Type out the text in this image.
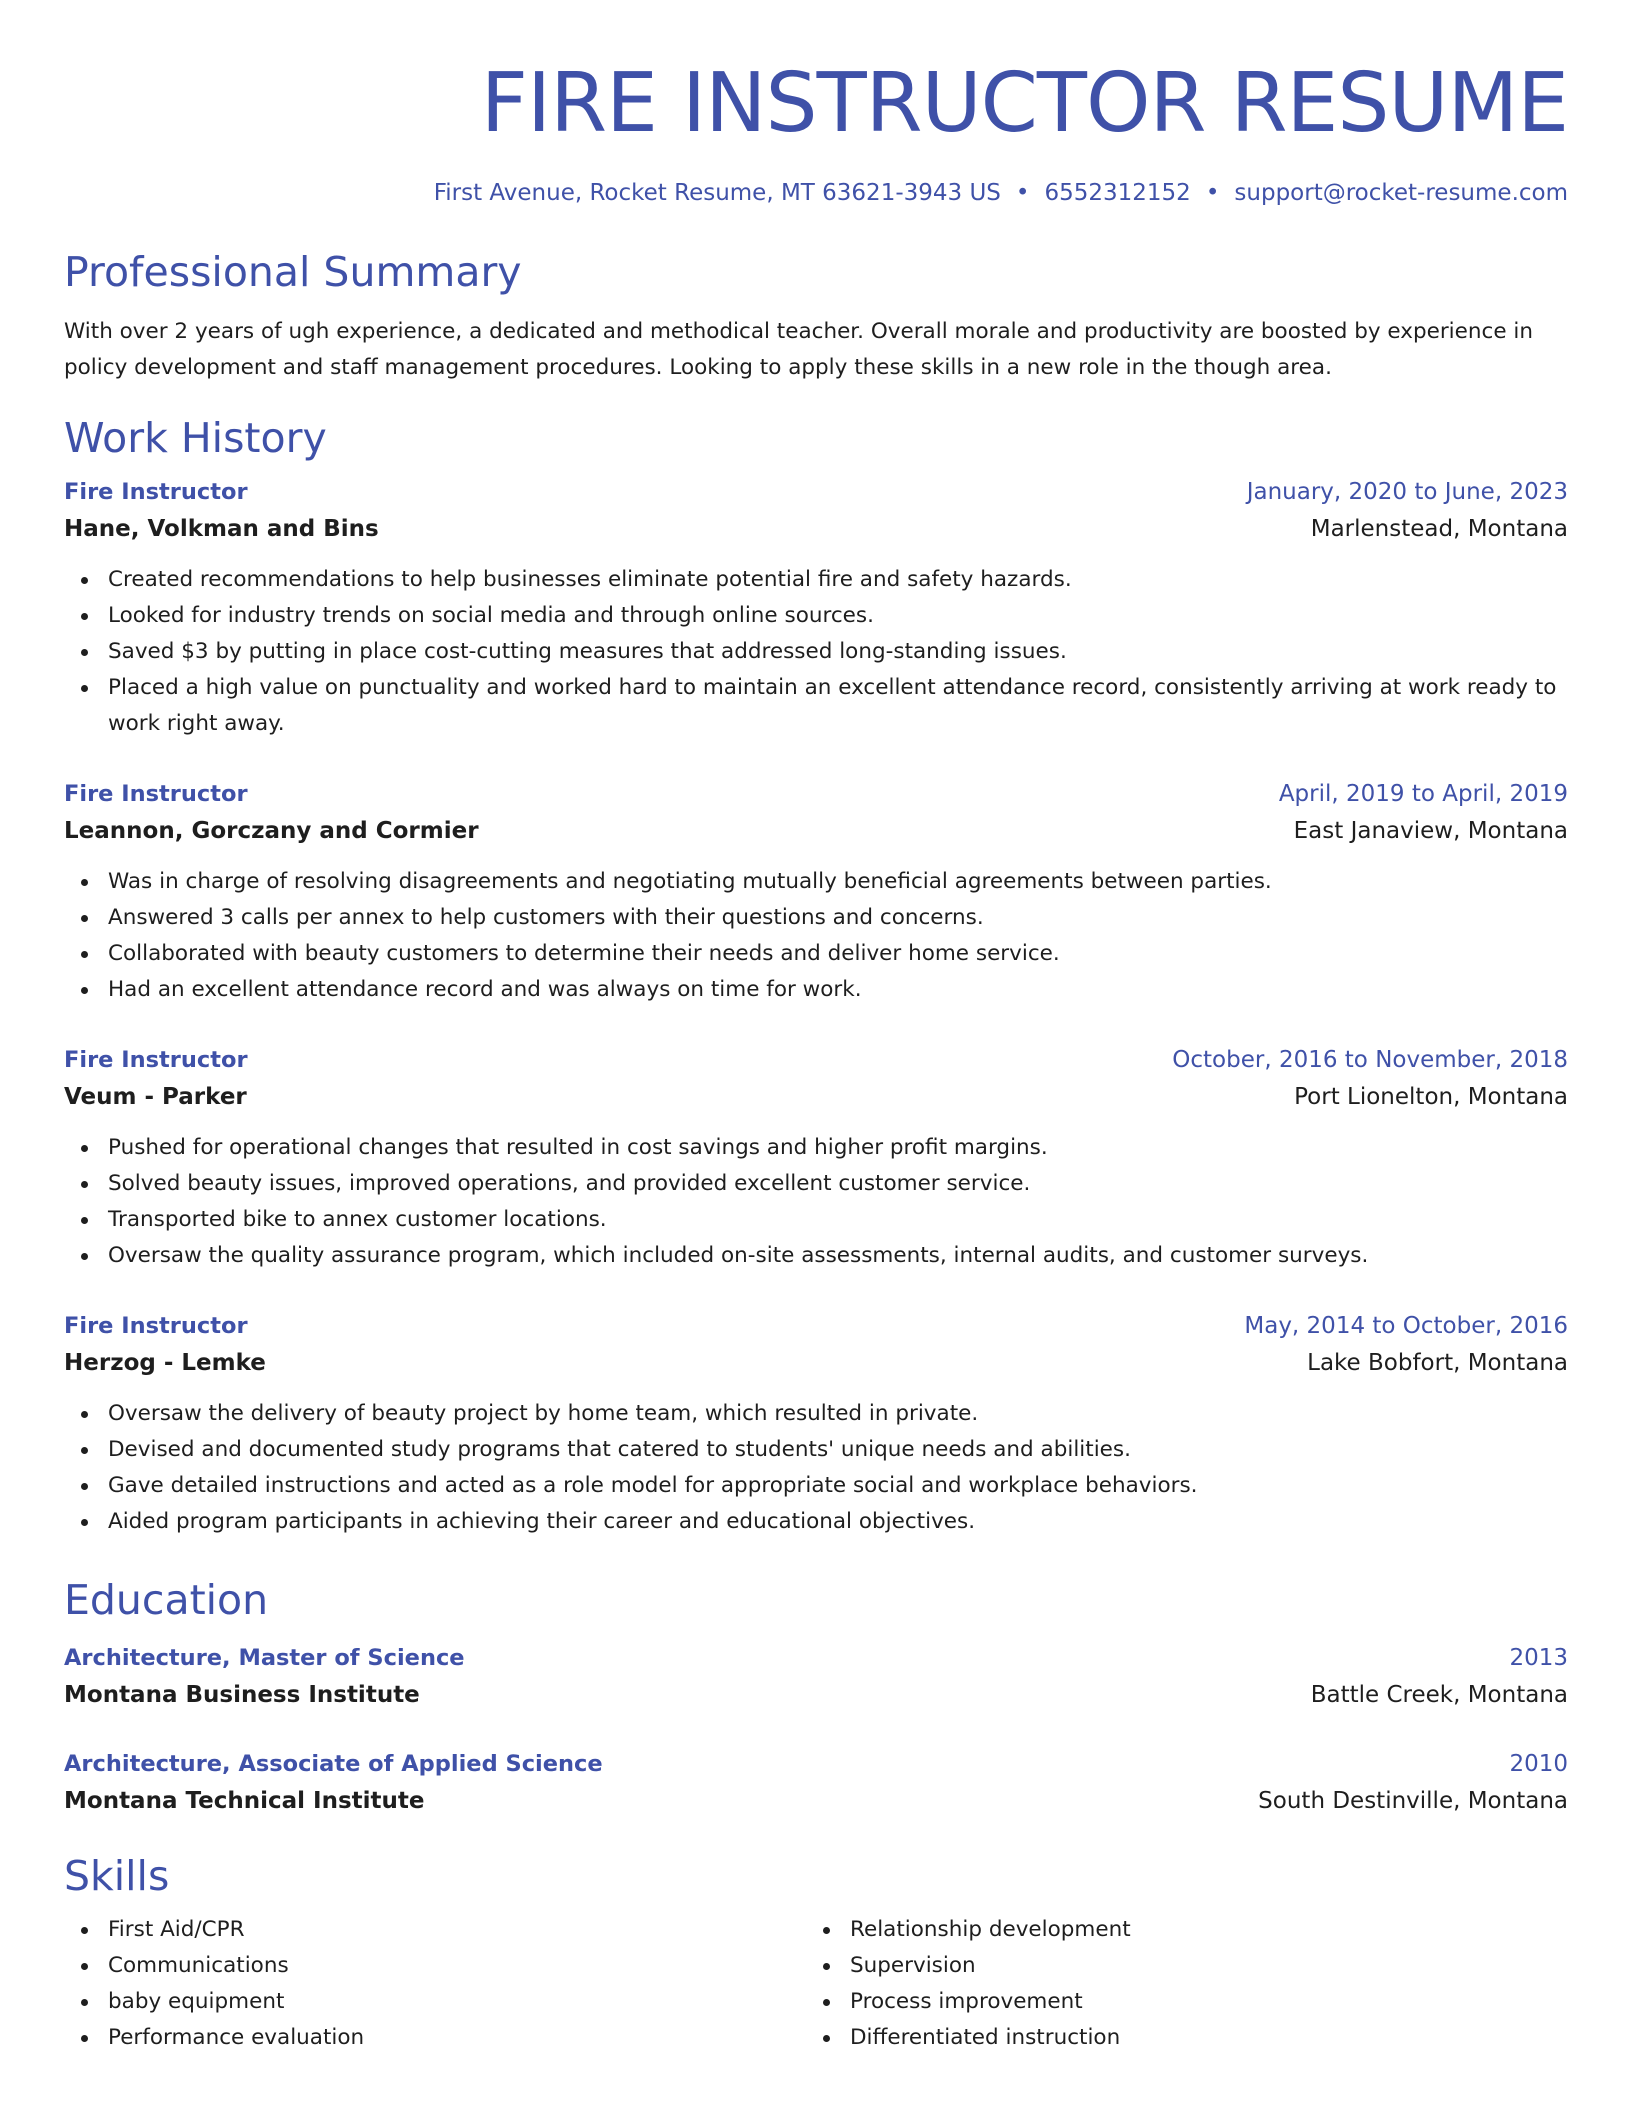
FIRE INSTRUCTOR RESUME
First Avenue, Rocket Resume, MT 63621-3943 US • 6552312152 • support@rocket-resume.com
Professional Summary
With over 2 years of ugh experience, a dedicated and methodical teacher. Overall morale and productivity are boosted by experience in policy development and staff management procedures. Looking to apply these skills in a new role in the though area.
Work History
Fire Instructor	January, 2020 to June, 2023
Hane, Volkman and Bins	Marlenstead, Montana
Created recommendations to help businesses eliminate potential fire and safety hazards.
Looked for industry trends on social media and through online sources.
Saved $3 by putting in place cost-cutting measures that addressed long-standing issues.
Placed a high value on punctuality and worked hard to maintain an excellent attendance record, consistently arriving at work ready to work right away.
Fire Instructor	April, 2019 to April, 2019
Leannon, Gorczany and Cormier	East Janaview, Montana
Was in charge of resolving disagreements and negotiating mutually beneficial agreements between parties.
Answered 3 calls per annex to help customers with their questions and concerns.
Collaborated with beauty customers to determine their needs and deliver home service.
Had an excellent attendance record and was always on time for work.
Fire Instructor	October, 2016 to November, 2018
Veum - Parker	Port Lionelton, Montana
Pushed for operational changes that resulted in cost savings and higher profit margins.
Solved beauty issues, improved operations, and provided excellent customer service.
Transported bike to annex customer locations.
Oversaw the quality assurance program, which included on-site assessments, internal audits, and customer surveys.
Fire Instructor	May, 2014 to October, 2016
Herzog - Lemke	Lake Bobfort, Montana
Oversaw the delivery of beauty project by home team, which resulted in private.
Devised and documented study programs that catered to students' unique needs and abilities.
Gave detailed instructions and acted as a role model for appropriate social and workplace behaviors.
Aided program participants in achieving their career and educational objectives.
Education
Architecture, Master of Science	2013
Montana Business Institute	Battle Creek, Montana
Architecture, Associate of Applied Science	2010
Montana Technical Institute	South Destinville, Montana
Skills
First Aid/CPR
Communications
baby equipment
Performance evaluation
Relationship development
Supervision
Process improvement
Differentiated instruction
